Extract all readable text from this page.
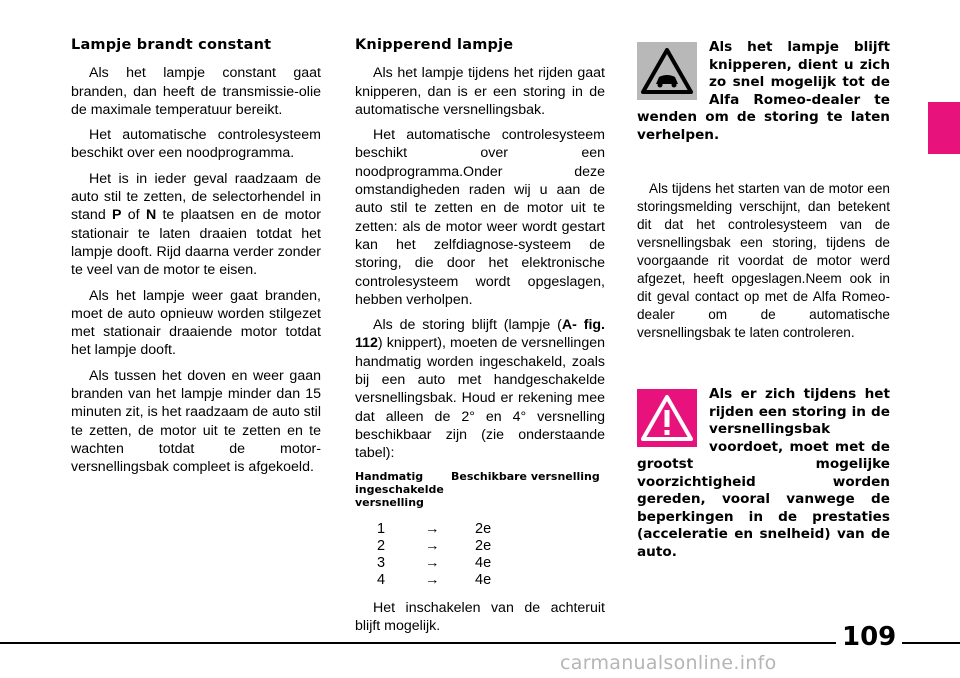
Lampje brandt constant

Als het lampje constant gaat branden, dan heeft de transmissie-olie de maximale temperatuur bereikt.

Het automatische controlesysteem beschikt over een noodprogramma.

Het is in ieder geval raadzaam de auto stil te zetten, de selectorhendel in stand P of N te plaatsen en de motor stationair te laten draaien totdat het lampje dooft. Rijd daarna verder zonder te veel van de motor te eisen.

Als het lampje weer gaat branden, moet de auto opnieuw worden stilgezet met stationair draaiende motor totdat het lampje dooft.

Als tussen het doven en weer gaan branden van het lampje minder dan 15 minuten zit, is het raadzaam de auto stil te zetten, de motor uit te zetten en te wachten totdat de motor-versnellingsbak compleet is afgekoeld.

Knipperend lampje

Als het lampje tijdens het rijden gaat knipperen, dan is er een storing in de automatische versnellingsbak.

Het automatische controlesysteem beschikt over een noodprogramma.Onder deze omstandigheden raden wij u aan de auto stil te zetten en de motor uit te zetten: als de motor weer wordt gestart kan het zelfdiagnose-systeem de storing, die door het elektronische controlesysteem wordt opgeslagen, hebben verholpen.

Als de storing blijft (lampje (A- fig. 112) knippert), moeten de versnellingen handmatig worden ingeschakeld, zoals bij een auto met handgeschakelde versnellingsbak. Houd er rekening mee dat alleen de 2° en 4° versnelling beschikbaar zijn (zie onderstaande tabel):

Handmatig ingeschakelde versnelling
Beschikbare versnelling
1	→	2e
2	→	2e
3	→	4e
4	→	4e

Het inschakelen van de achteruit blijft mogelijk.

Als het lampje blijft knipperen, dient u zich zo snel mogelijk tot de Alfa Romeo-dealer te wenden om de storing te laten verhelpen.

Als tijdens het starten van de motor een storingsmelding verschijnt, dan betekent dit dat het controlesysteem van de versnellingsbak een storing, tijdens de voorgaande rit voordat de motor werd afgezet, heeft opgeslagen.Neem ook in dit geval contact op met de Alfa Romeo-dealer om de automatische versnellingsbak te laten controleren.

Als er zich tijdens het rijden een storing in de versnellingsbak voordoet, moet met de grootst mogelijke voorzichtigheid worden gereden, vooral vanwege de beperkingen in de prestaties (acceleratie en snelheid) van de auto.
109
carmanualsonline.info
